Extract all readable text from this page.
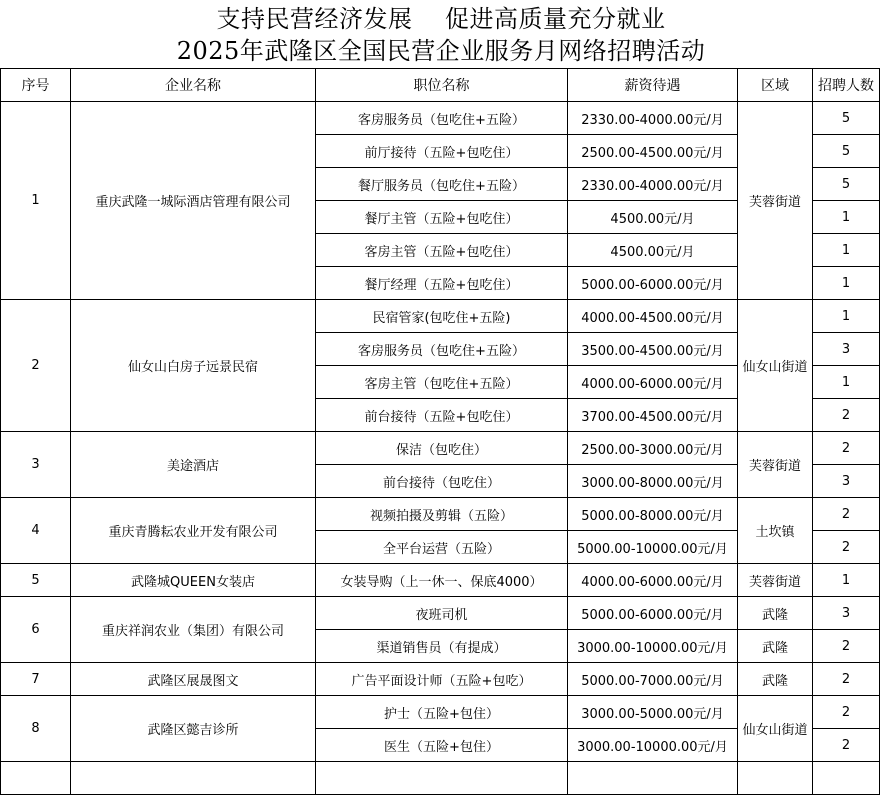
支持民营经济发展    促进高质量充分就业
2025年武隆区全国民营企业服务月网络招聘活动
序号	企业名称	职位名称	薪资待遇	区域	招聘人数
1	重庆武隆一城际酒店管理有限公司	客房服务员（包吃住+五险）	2330.00-4000.00元/月	芙蓉街道	5
		前厅接待（五险+包吃住）	2500.00-4500.00元/月		5
		餐厅服务员（包吃住+五险）	2330.00-4000.00元/月		5
		餐厅主管（五险+包吃住）	4500.00元/月		1
		客房主管（五险+包吃住）	4500.00元/月		1
		餐厅经理（五险+包吃住）	5000.00-6000.00元/月		1
2	仙女山白房子远景民宿	民宿管家(包吃住+五险)	4000.00-4500.00元/月	仙女山街道	1
		客房服务员（包吃住+五险）	3500.00-4500.00元/月		3
		客房主管（包吃住+五险）	4000.00-6000.00元/月		1
		前台接待（五险+包吃住）	3700.00-4500.00元/月		2
3	美途酒店	保洁（包吃住）	2500.00-3000.00元/月	芙蓉街道	2
		前台接待（包吃住）	3000.00-8000.00元/月		3
4	重庆青腾耘农业开发有限公司	视频拍摄及剪辑（五险）	5000.00-8000.00元/月	土坎镇	2
		全平台运营（五险）	5000.00-10000.00元/月		2
5	武隆城QUEEN女装店	女装导购（上一休一、保底4000）	4000.00-6000.00元/月	芙蓉街道	1
6	重庆祥润农业（集团）有限公司	夜班司机	5000.00-6000.00元/月	武隆	3
		渠道销售员（有提成）	3000.00-10000.00元/月	武隆	2
7	武隆区展晟图文	广告平面设计师（五险+包吃）	5000.00-7000.00元/月	武隆	2
8	武隆区懿吉诊所	护士（五险+包住）	3000.00-5000.00元/月	仙女山街道	2
		医生（五险+包住）	3000.00-10000.00元/月		2
